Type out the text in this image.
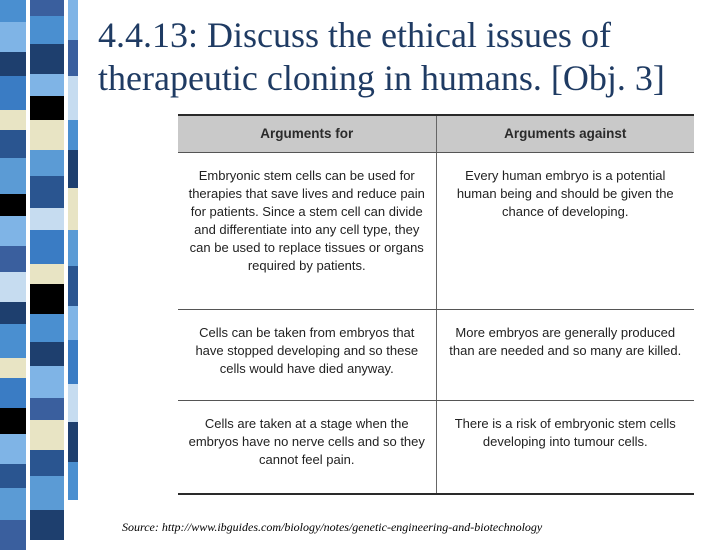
4.4.13: Discuss the ethical issues of therapeutic cloning in humans. [Obj. 3]
Arguments for	Arguments against
Embryonic stem cells can be used for therapies that save lives and reduce pain for patients. Since a stem cell can divide and differentiate into any cell type, they can be used to replace tissues or organs required by patients.	Every human embryo is a potential human being and should be given the chance of developing.
Cells can be taken from embryos that have stopped developing and so these cells would have died anyway.	More embryos are generally produced than are needed and so many are killed.
Cells are taken at a stage when the embryos have no nerve cells and so they cannot feel pain.	There is a risk of embryonic stem cells developing into tumour cells.
Source: http://www.ibguides.com/biology/notes/genetic-engineering-and-biotechnology
